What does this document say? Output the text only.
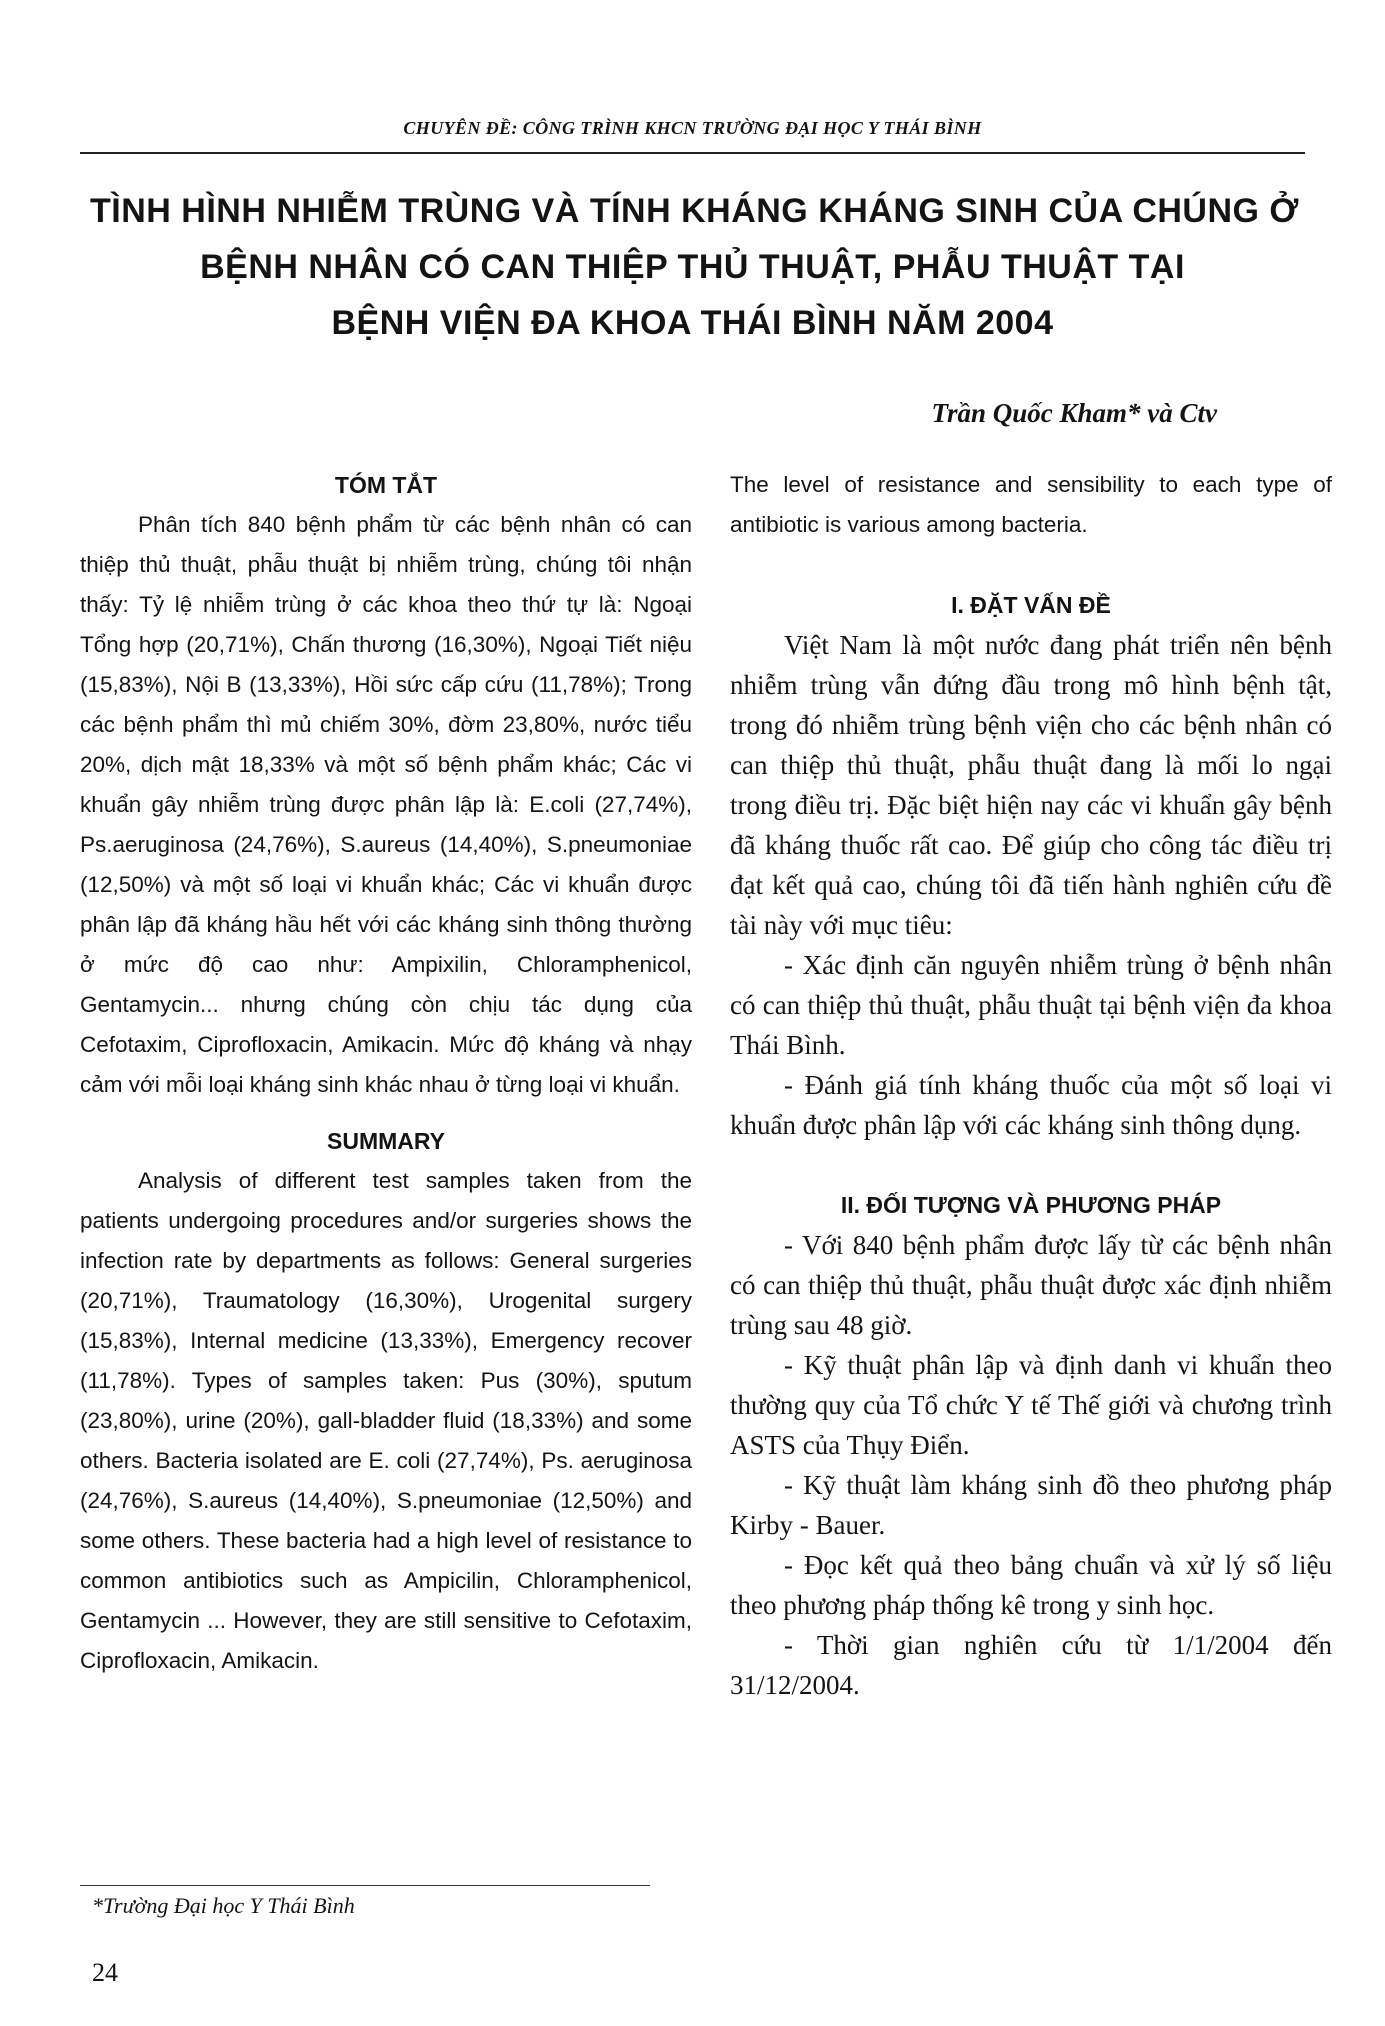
CHUYÊN ĐỀ: CÔNG TRÌNH KHCN TRƯỜNG ĐẠI HỌC Y THÁI BÌNH
TÌNH HÌNH NHIỄM TRÙNG VÀ TÍNH KHÁNG KHÁNG SINH CỦA CHÚNG Ở
BỆNH NHÂN CÓ CAN THIỆP THỦ THUẬT, PHẪU THUẬT TẠI
BỆNH VIỆN ĐA KHOA THÁI BÌNH NĂM 2004
Trần Quốc Kham* và Ctv
TÓM TẮT

Phân tích 840 bệnh phẩm từ các bệnh nhân có can thiệp thủ thuật, phẫu thuật bị nhiễm trùng, chúng tôi nhận thấy: Tỷ lệ nhiễm trùng ở các khoa theo thứ tự là: Ngoại Tổng hợp (20,71%), Chấn thương (16,30%), Ngoại Tiết niệu (15,83%), Nội B (13,33%), Hồi sức cấp cứu (11,78%); Trong các bệnh phẩm thì mủ chiếm 30%, đờm 23,80%, nước tiểu 20%, dịch mật 18,33% và một số bệnh phẩm khác; Các vi khuẩn gây nhiễm trùng được phân lập là: E.coli (27,74%), Ps.aeruginosa (24,76%), S.aureus (14,40%), S.pneumoniae (12,50%) và một số loại vi khuẩn khác; Các vi khuẩn được phân lập đã kháng hầu hết với các kháng sinh thông thường ở mức độ cao như: Ampixilin, Chloramphenicol, Gentamycin... nhưng chúng còn chịu tác dụng của Cefotaxim, Ciprofloxacin, Amikacin. Mức độ kháng và nhạy cảm với mỗi loại kháng sinh khác nhau ở từng loại vi khuẩn.

SUMMARY

Analysis of different test samples taken from the patients undergoing procedures and/or surgeries shows the infection rate by departments as follows: General surgeries (20,71%), Traumatology (16,30%), Urogenital surgery (15,83%), Internal medicine (13,33%), Emergency recover (11,78%). Types of samples taken: Pus (30%), sputum (23,80%), urine (20%), gall-bladder fluid (18,33%) and some others. Bacteria isolated are E. coli (27,74%), Ps. aeruginosa (24,76%), S.aureus (14,40%), S.pneumoniae (12,50%) and some others. These bacteria had a high level of resistance to common antibiotics such as Ampicilin, Chloramphenicol, Gentamycin ... However, they are still sensitive to Cefotaxim, Ciprofloxacin, Amikacin.

The level of resistance and sensibility to each type of antibiotic is various among bacteria.

I. ĐẶT VẤN ĐỀ

Việt Nam là một nước đang phát triển nên bệnh nhiễm trùng vẫn đứng đầu trong mô hình bệnh tật, trong đó nhiễm trùng bệnh viện cho các bệnh nhân có can thiệp thủ thuật, phẫu thuật đang là mối lo ngại trong điều trị. Đặc biệt hiện nay các vi khuẩn gây bệnh đã kháng thuốc rất cao. Để giúp cho công tác điều trị đạt kết quả cao, chúng tôi đã tiến hành nghiên cứu đề tài này với mục tiêu:

- Xác định căn nguyên nhiễm trùng ở bệnh nhân có can thiệp thủ thuật, phẫu thuật tại bệnh viện đa khoa Thái Bình.

- Đánh giá tính kháng thuốc của một số loại vi khuẩn được phân lập với các kháng sinh thông dụng.

II. ĐỐI TƯỢNG VÀ PHƯƠNG PHÁP

- Với 840 bệnh phẩm được lấy từ các bệnh nhân có can thiệp thủ thuật, phẫu thuật được xác định nhiễm trùng sau 48 giờ.

- Kỹ thuật phân lập và định danh vi khuẩn theo thường quy của Tổ chức Y tế Thế giới và chương trình ASTS của Thụy Điển.

- Kỹ thuật làm kháng sinh đồ theo phương pháp Kirby - Bauer.

- Đọc kết quả theo bảng chuẩn và xử lý số liệu theo phương pháp thống kê trong y sinh học.

- Thời gian nghiên cứu từ 1/1/2004 đến 31/12/2004.

*Trường Đại học Y Thái Bình
24
